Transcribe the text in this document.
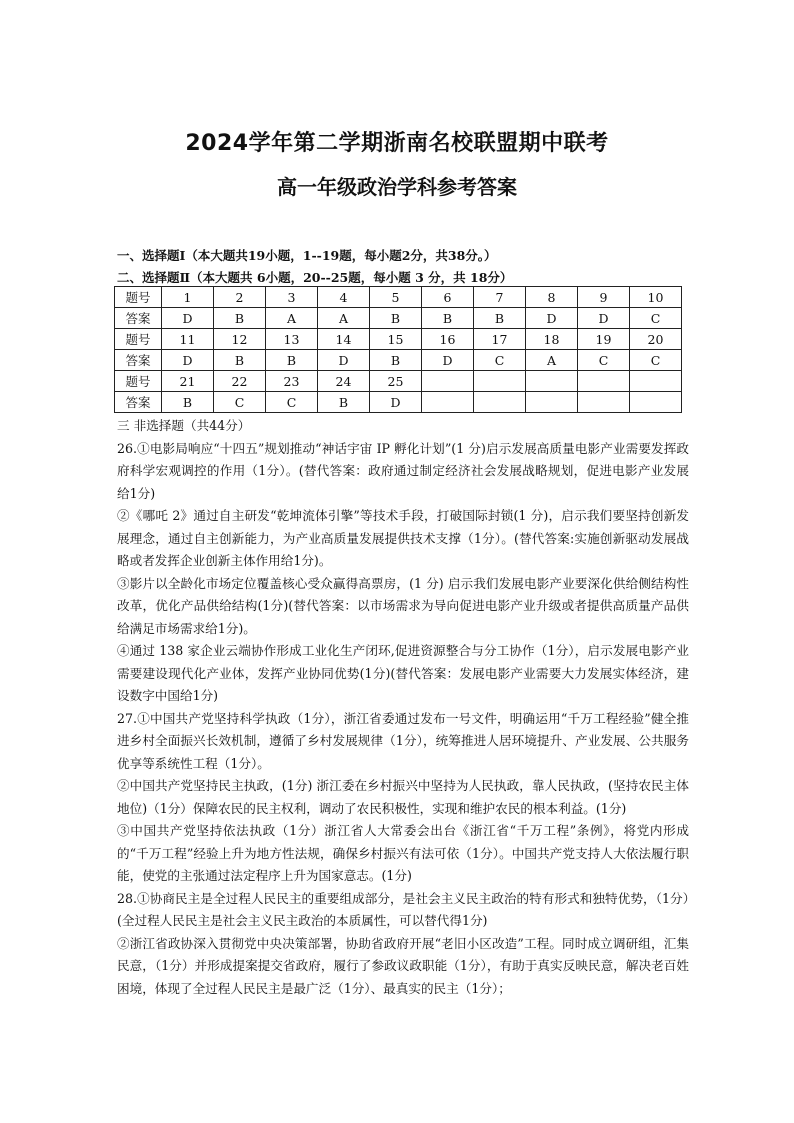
2024学年第二学期浙南名校联盟期中联考
高一年级政治学科参考答案
一、选择题Ⅰ（本大题共19小题，1--19题，每小题2分，共38分。）
二、选择题Ⅱ（本大题共 6小题，20--25题，每小题 3 分，共 18分）
题号	1	2	3	4	5	6	7	8	9	10
答案	D	B	A	A	B	B	B	D	D	C
题号	11	12	13	14	15	16	17	18	19	20
答案	D	B	B	D	B	D	C	A	C	C
题号	21	22	23	24	25					
答案	B	C	C	B	D					

三 非选择题（共44分）

26.①电影局响应“十四五”规划推动“神话宇宙 IP 孵化计划”(1 分)启示发展高质量电影产业需要发挥政府科学宏观调控的作用（1分）。(替代答案：政府通过制定经济社会发展战略规划，促进电影产业发展给1分)

②《哪吒 2》通过自主研发“乾坤流体引擎”等技术手段，打破国际封锁(1 分)，启示我们要坚持创新发展理念，通过自主创新能力，为产业高质量发展提供技术支撑（1分）。(替代答案:实施创新驱动发展战略或者发挥企业创新主体作用给1分)。

③影片以全龄化市场定位覆盖核心受众赢得高票房，(1 分) 启示我们发展电影产业要深化供给侧结构性改革，优化产品供给结构(1分)(替代答案：以市场需求为导向促进电影产业升级或者提供高质量产品供给满足市场需求给1分)。

④通过 138 家企业云端协作形成工业化生产闭环,促进资源整合与分工协作（1分），启示发展电影产业需要建设现代化产业体，发挥产业协同优势(1分)(替代答案：发展电影产业需要大力发展实体经济，建设数字中国给1分)

27.①中国共产党坚持科学执政（1分），浙江省委通过发布一号文件，明确运用“千万工程经验”健全推进乡村全面振兴长效机制，遵循了乡村发展规律（1分），统筹推进人居环境提升、产业发展、公共服务优享等系统性工程（1分）。

②中国共产党坚持民主执政，(1分) 浙江委在乡村振兴中坚持为人民执政，靠人民执政，(坚持农民主体地位)（1分）保障农民的民主权利，调动了农民积极性，实现和维护农民的根本利益。(1分)

③中国共产党坚持依法执政（1分）浙江省人大常委会出台《浙江省“千万工程”条例》，将党内形成的“千万工程”经验上升为地方性法规，确保乡村振兴有法可依（1分）。中国共产党支持人大依法履行职能，使党的主张通过法定程序上升为国家意志。(1分)

28.①协商民主是全过程人民民主的重要组成部分，是社会主义民主政治的特有形式和独特优势，（1分）(全过程人民民主是社会主义民主政治的本质属性，可以替代得1分)

②浙江省政协深入贯彻党中央决策部署，协助省政府开展“老旧小区改造”工程。同时成立调研组，汇集民意，（1分）并形成提案提交省政府，履行了参政议政职能（1分），有助于真实反映民意，解决老百姓困境，体现了全过程人民民主是最广泛（1分）、最真实的民主（1分）；
